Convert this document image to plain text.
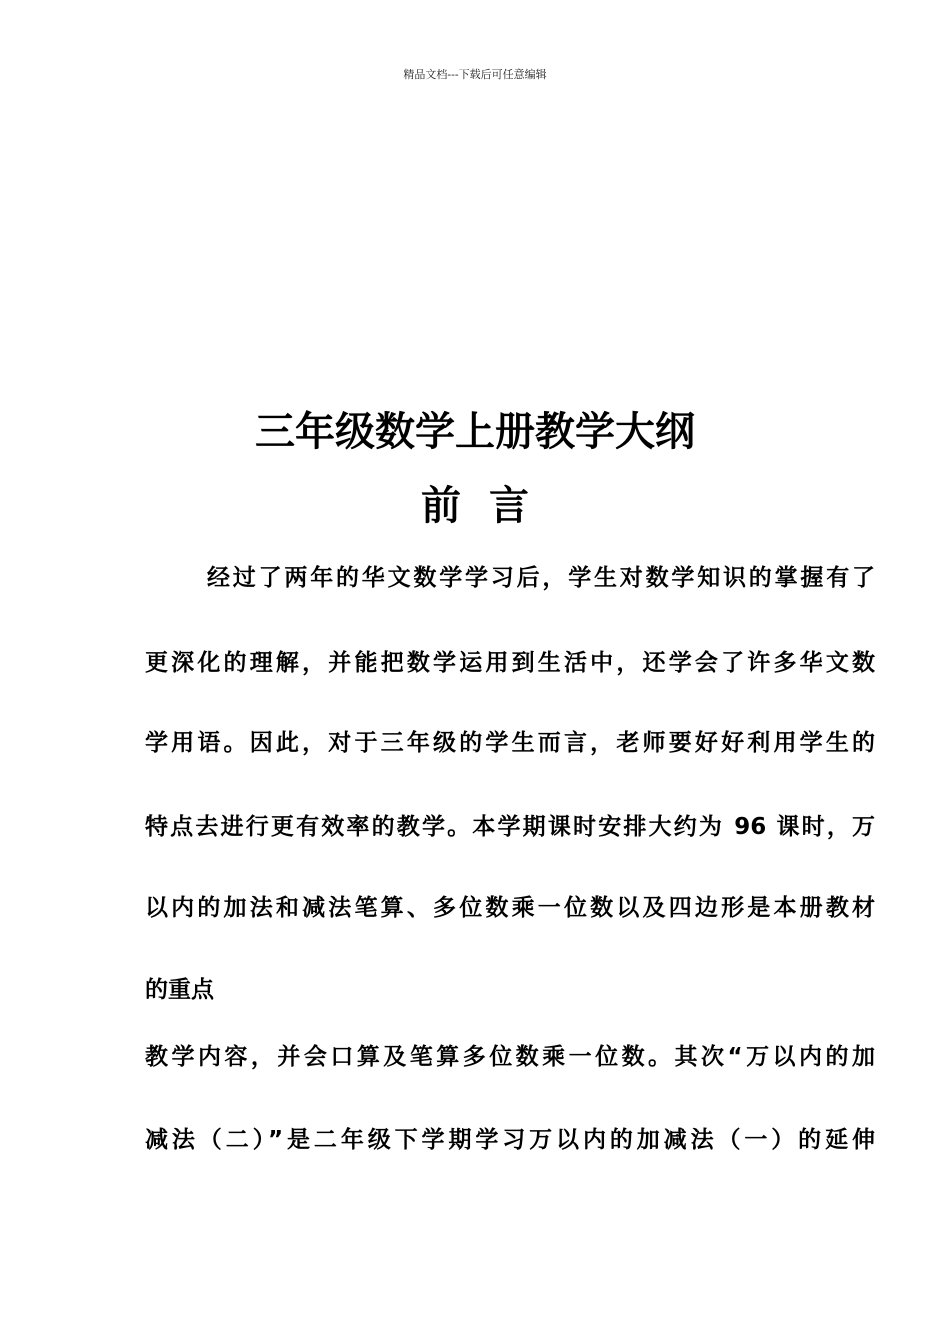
精品文档---下载后可任意编辑
三年级数学上册教学大纲
前 言
经过了两年的华文数学学习后，学生对数学知识的掌握有了
更深化的理解，并能把数学运用到生活中，还学会了许多华文数
学用语。因此，对于三年级的学生而言，老师要好好利用学生的
特点去进行更有效率的教学。本学期课时安排大约为 96 课时，万
以内的加法和减法笔算、多位数乘一位数以及四边形是本册教材
的重点
教学内容，并会口算及笔算多位数乘一位数。其次“万以内的加
减法（二）”是二年级下学期学习万以内的加减法（一）的延伸
